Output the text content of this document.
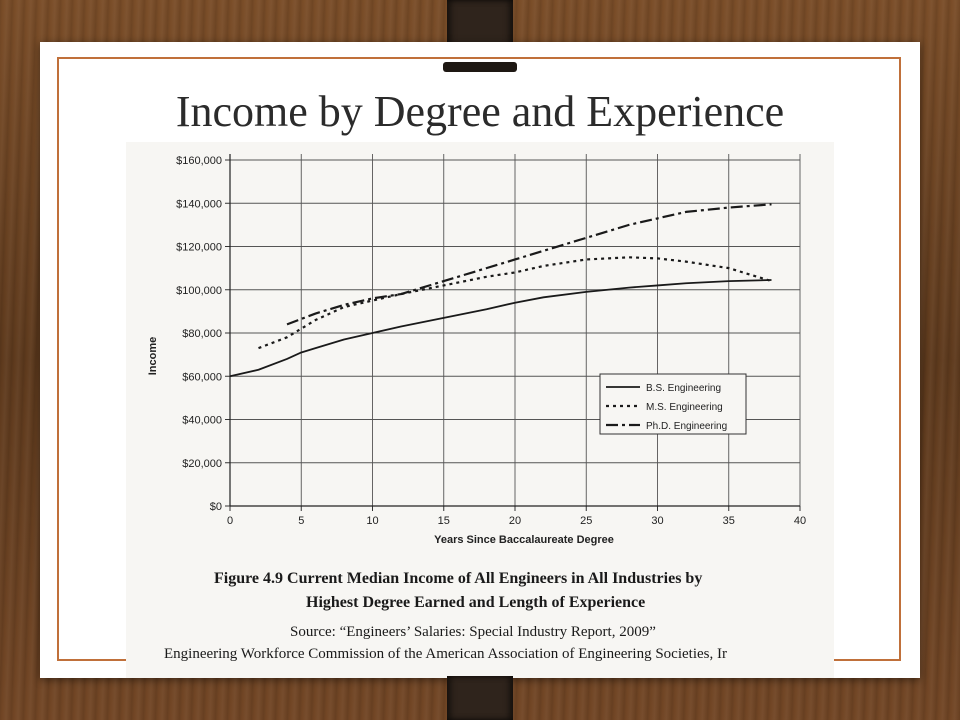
Income by Degree and Experience
$0
$20,000
$40,000
$60,000
$80,000
$100,000
$120,000
$140,000
$160,000
0	5	10	15	20	25	30	35	40
Income
Years Since Baccalaureate Degree
B.S. Engineering
M.S. Engineering
Ph.D. Engineering
Figure 4.9 Current Median Income of All Engineers in All Industries by
Highest Degree Earned and Length of Experience
Source: “Engineers’ Salaries: Special Industry Report, 2009”
Engineering Workforce Commission of the American Association of Engineering Societies, Ir
